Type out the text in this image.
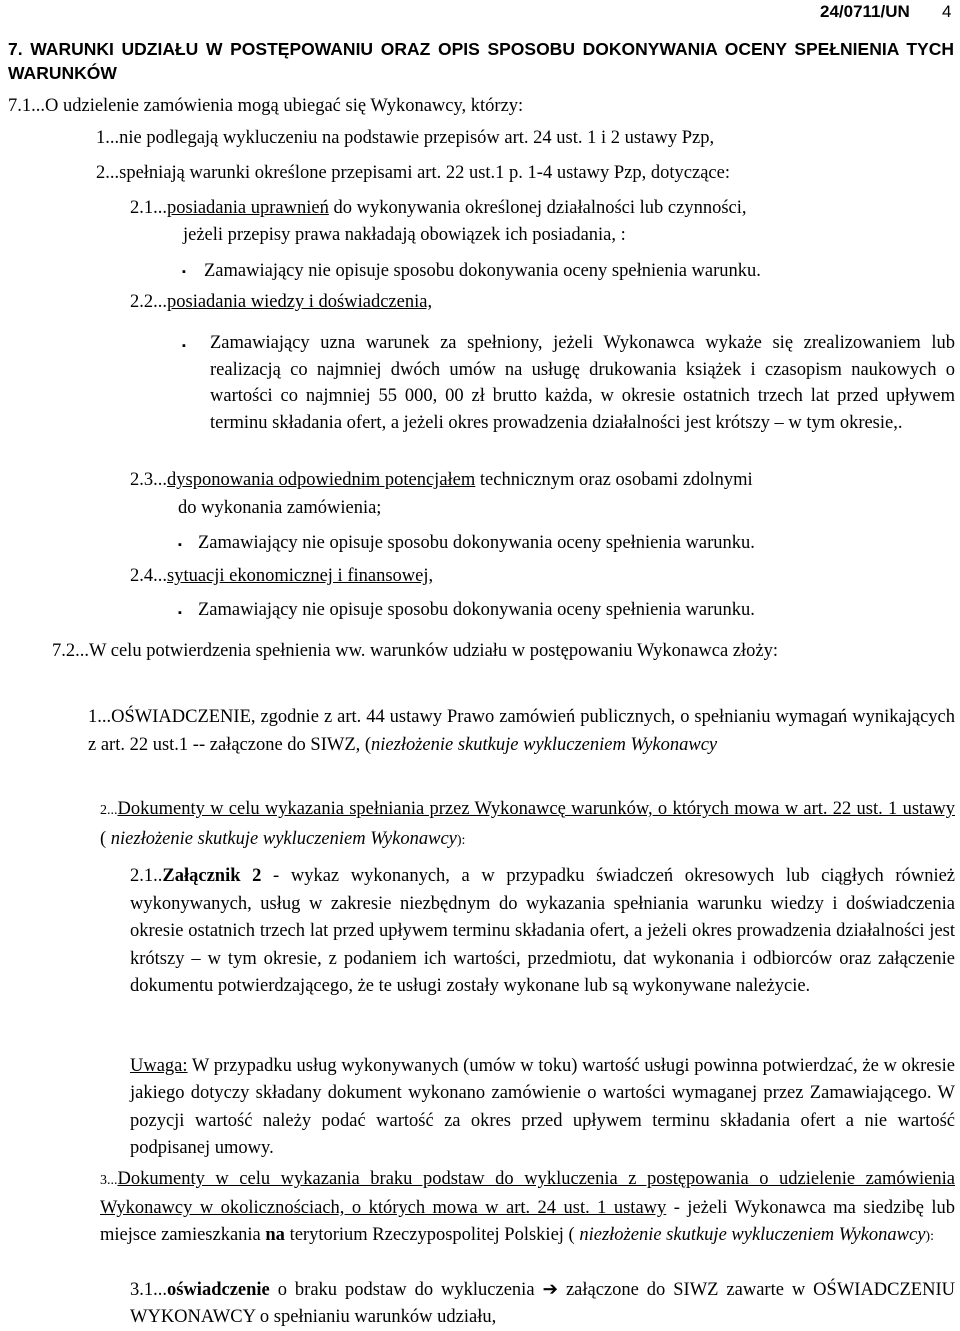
24/0711/UN 4
7. WARUNKI UDZIAŁU W POSTĘPOWANIU ORAZ OPIS SPOSOBU DOKONYWANIA OCENY SPEŁNIENIA TYCH WARUNKÓW
7.1...O udzielenie zamówienia mogą ubiegać się Wykonawcy, którzy:
1...nie podlegają wykluczeniu na podstawie przepisów art. 24 ust. 1 i 2 ustawy Pzp,
2...spełniają warunki określone przepisami art. 22 ust.1 p. 1-4 ustawy Pzp, dotyczące:
2.1...posiadania uprawnień do wykonywania określonej działalności lub czynności,
jeżeli przepisy prawa nakładają obowiązek ich posiadania, :
▪ Zamawiający nie opisuje sposobu dokonywania oceny spełnienia warunku.
2.2...posiadania wiedzy i doświadczenia,
▪ Zamawiający uzna warunek za spełniony, jeżeli Wykonawca wykaże się zrealizowaniem lub realizacją co najmniej dwóch umów na usługę drukowania książek i czasopism naukowych o wartości co najmniej 55 000, 00 zł brutto każda, w okresie ostatnich trzech lat przed upływem terminu składania ofert, a jeżeli okres prowadzenia działalności jest krótszy – w tym okresie,.
2.3...dysponowania odpowiednim potencjałem technicznym oraz osobami zdolnymi
do wykonania zamówienia;
▪ Zamawiający nie opisuje sposobu dokonywania oceny spełnienia warunku.
2.4...sytuacji ekonomicznej i finansowej,
▪ Zamawiający nie opisuje sposobu dokonywania oceny spełnienia warunku.
7.2...W celu potwierdzenia spełnienia ww. warunków udziału w postępowaniu Wykonawca złoży:
1...OŚWIADCZENIE, zgodnie z art. 44 ustawy Prawo zamówień publicznych, o spełnianiu wymagań wynikających z art. 22 ust.1 -- załączone do SIWZ, (niezłożenie skutkuje wykluczeniem Wykonawcy
2...Dokumenty w celu wykazania spełniania przez Wykonawcę warunków, o których mowa w art. 22 ust. 1 ustawy ( niezłożenie skutkuje wykluczeniem Wykonawcy):
2.1..Załącznik 2 - wykaz wykonanych, a w przypadku świadczeń okresowych lub ciągłych również wykonywanych, usług w zakresie niezbędnym do wykazania spełniania warunku wiedzy i doświadczenia okresie ostatnich trzech lat przed upływem terminu składania ofert, a jeżeli okres prowadzenia działalności jest krótszy – w tym okresie, z podaniem ich wartości, przedmiotu, dat wykonania i odbiorców oraz załączenie dokumentu potwierdzającego, że te usługi zostały wykonane lub są wykonywane należycie.
Uwaga: W przypadku usług wykonywanych (umów w toku) wartość usługi powinna potwierdzać, że w okresie jakiego dotyczy składany dokument wykonano zamówienie o wartości wymaganej przez Zamawiającego. W pozycji wartość należy podać wartość za okres przed upływem terminu składania ofert a nie wartość podpisanej umowy.
3...Dokumenty w celu wykazania braku podstaw do wykluczenia z postępowania o udzielenie zamówienia Wykonawcy w okolicznościach, o których mowa w art. 24 ust. 1 ustawy - jeżeli Wykonawca ma siedzibę lub miejsce zamieszkania na terytorium Rzeczypospolitej Polskiej ( niezłożenie skutkuje wykluczeniem Wykonawcy):
3.1...oświadczenie o braku podstaw do wykluczenia ➔ załączone do SIWZ zawarte w OŚWIADCZENIU WYKONAWCY o spełnianiu warunków udziału,
